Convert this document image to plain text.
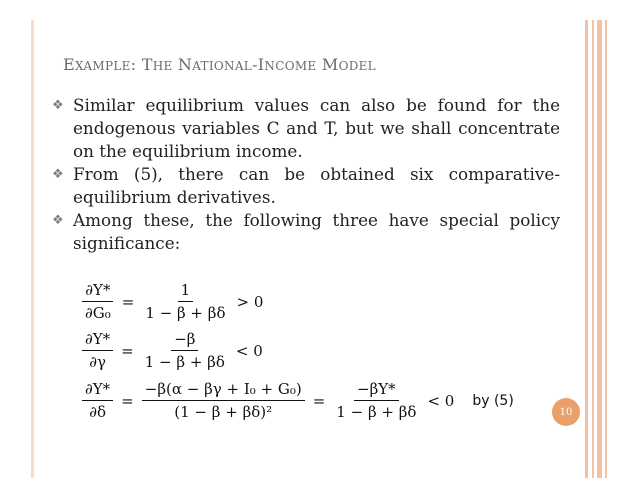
EXAMPLE: THE NATIONAL-INCOME MODEL
❖ Similar equilibrium values can also be found for the endogenous variables C and T, but we shall concentrate on the equilibrium income.
❖ From (5), there can be obtained six comparative-equilibrium derivatives.
❖ Among these, the following three have special policy significance:
$\frac{\partial Y*}{\text{∂G₀}} = \frac{1}{1 - \beta + \beta\delta} > 0$
$\frac{\partial Y*}{\partial\gamma} = \frac{-\beta}{1 - \beta + \beta\delta} < 0$
$\frac{\partial Y*}{\partial\delta} = \frac{\text{−β(α − βγ + I₀ + G₀)}}{\text{(1 − β + βδ)²}} = \frac{-\beta Y*}{1 - \beta + \beta\delta} < 0$ by (5)
10
